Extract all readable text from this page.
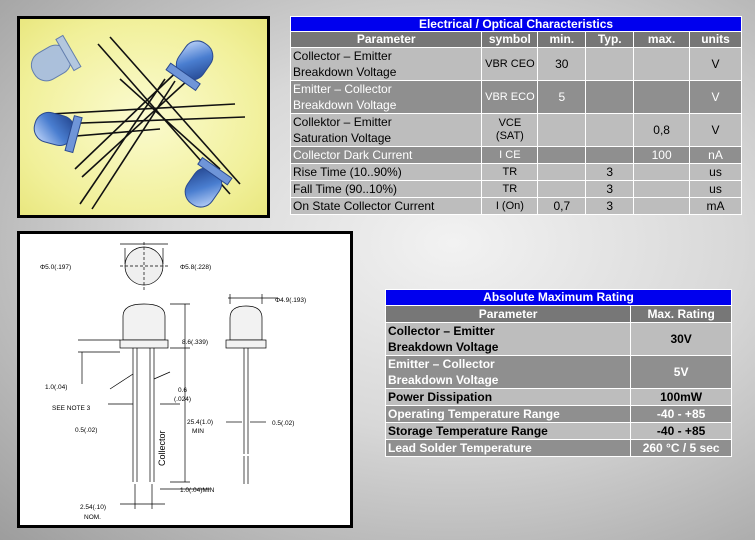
Φ5.0(.197)	Φ5.8(.228)
Φ4.9(.193)
8.6(.339)
1.0(.04)
SEE NOTE 3
0.6
(.024)
0.5(.02)
25.4(1.0)
MIN
0.5(.02)
1.0(.04)MIN
2.54(.10)
NOM.
Collector
Electrical / Optical Characteristics					
Parameter	symbol	min.	Typ.	max.	units
Collector – Emitter
Breakdown Voltage	VBR CEO	30			V
Emitter – Collector
Breakdown Voltage	VBR ECO	5			V
Collektor – Emitter
Saturation Voltage	VCE (SAT)			0,8	V
Collector Dark Current	I CE			100	nA
Rise Time (10..90%)	TR		3		us
Fall Time (90..10%)	TR		3		us
On State Collector Current	I (On)	0,7	3		mA
Absolute Maximum Rating	
Parameter	Max. Rating
Collector – Emitter
Breakdown Voltage	30V
Emitter – Collector
Breakdown Voltage	5V
Power Dissipation	100mW
Operating Temperature Range	-40 - +85
Storage Temperature Range	-40 - +85
Lead Solder Temperature	260 °C / 5 sec
